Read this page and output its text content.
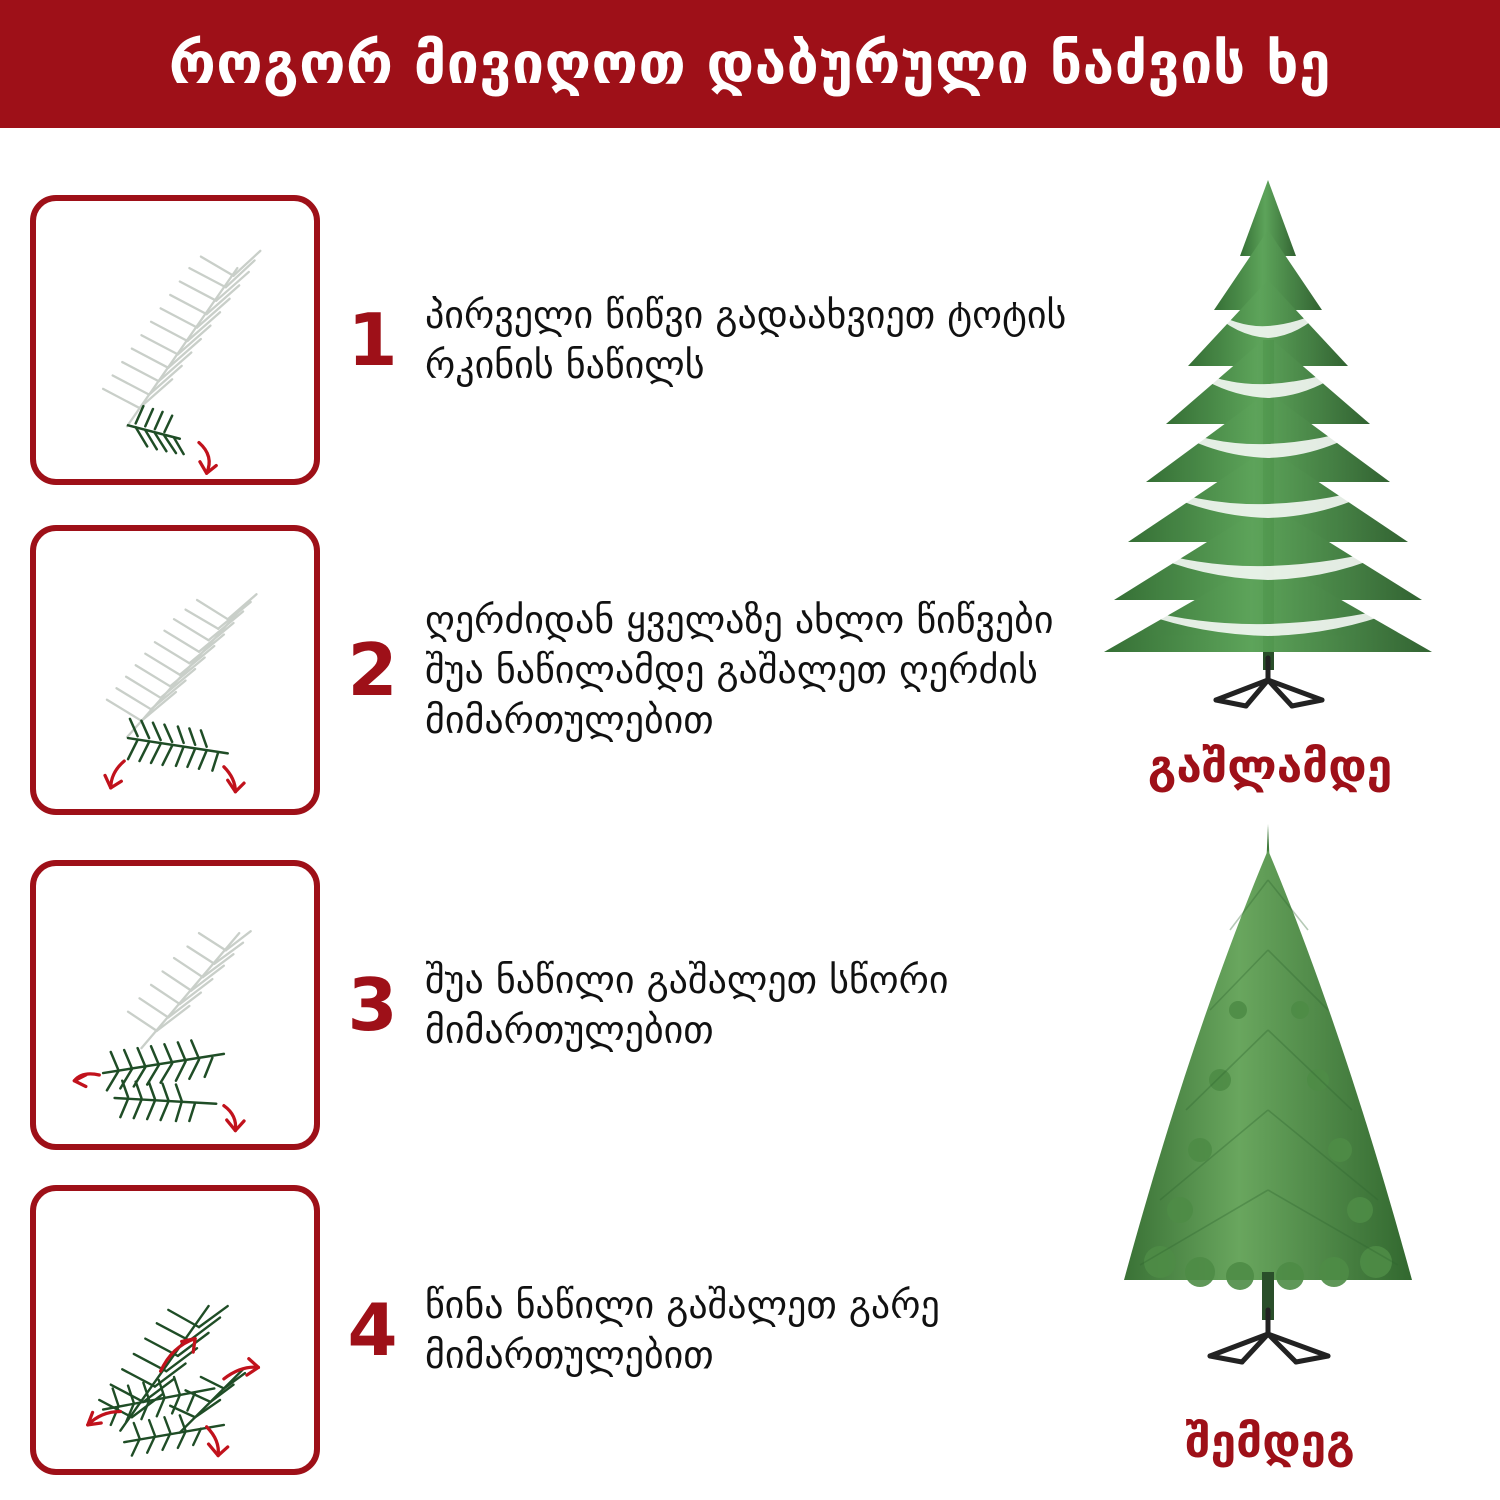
როგორ მივიღოთ დაბურული ნაძვის ხე
1 პირველი წიწვი გადაახვიეთ ტოტის რკინის ნაწილს
2
ღერძიდან ყველაზე ახლო წიწვები შუა ნაწილამდე გაშალეთ ღერძის მიმართულებით
3 შუა ნაწილი გაშალეთ სწორი მიმართულებით
4 წინა ნაწილი გაშალეთ გარე მიმართულებით
გაშლამდე
შემდეგ
